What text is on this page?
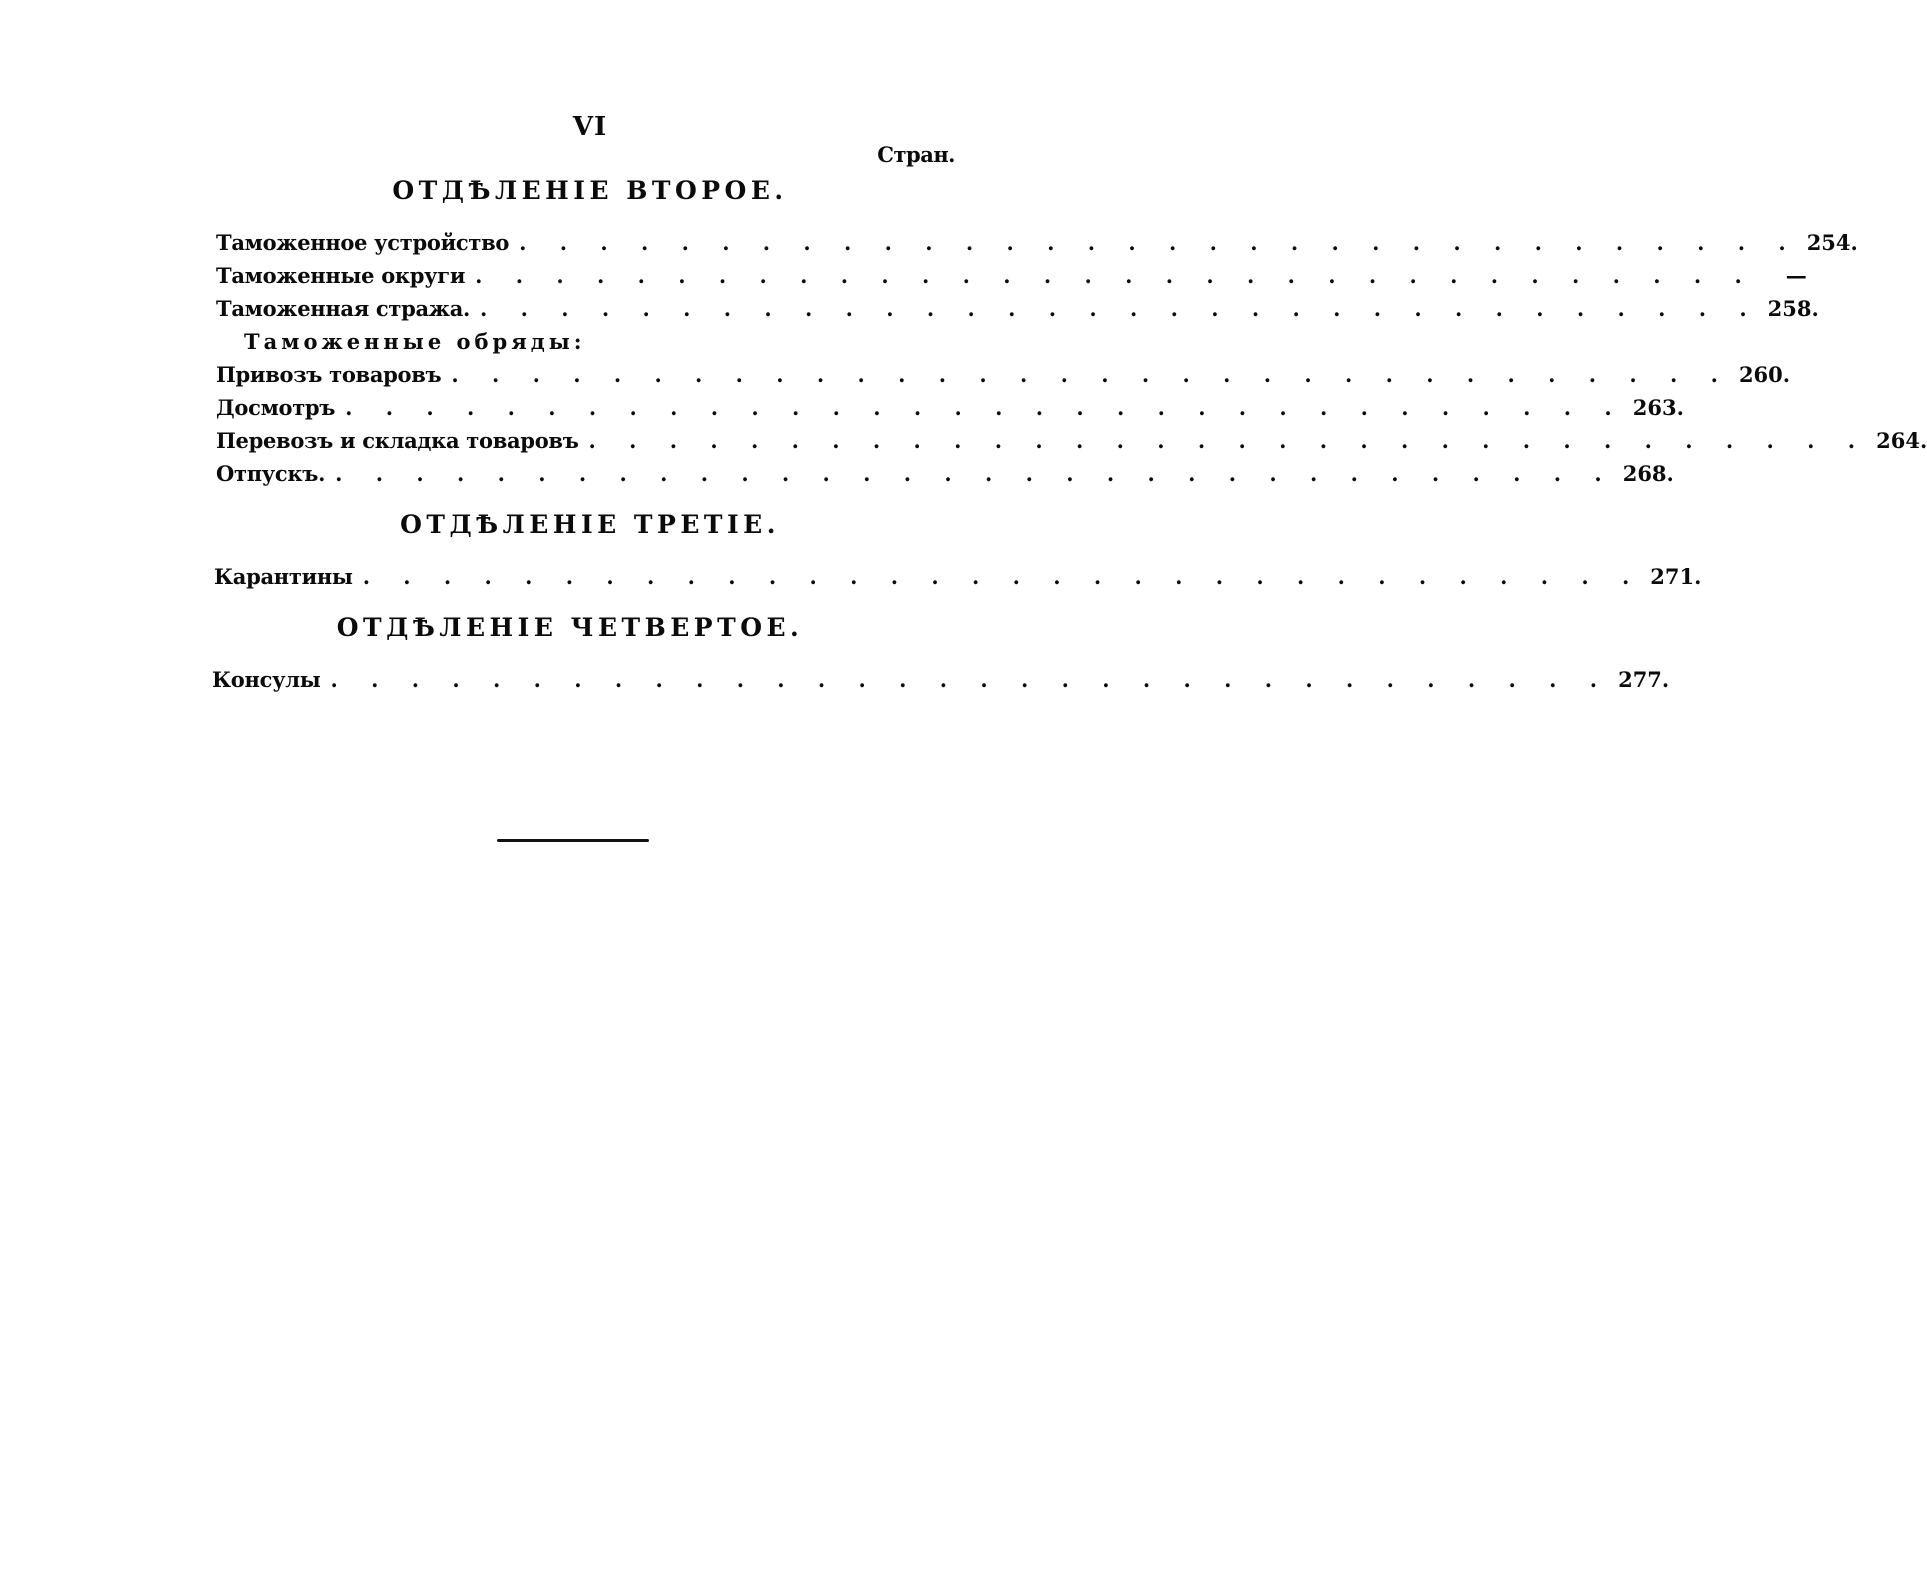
VI
Стран.
ОТДѢЛЕНІЕ ВТОРОЕ.
Таможенное устройство . . . . . . . . . . . . . . . . . . . . . . . . . . . . . . . . 254.
Таможенные округи . . . . . . . . . . . . . . . . . . . . . . . . . . . . . . . .	—
Таможенная стража. . . . . . . . . . . . . . . . . . . . . . . . . . . . . . . . . 258.
Таможенные обряды:
Привозъ товаровъ . . . . . . . . . . . . . . . . . . . . . . . . . . . . . . . . 260.
Досмотръ . . . . . . . . . . . . . . . . . . . . . . . . . . . . . . . . 263.
Перевозъ и складка товаровъ . . . . . . . . . . . . . . . . . . . . . . . . . . . . . . . . 264.
Отпускъ. . . . . . . . . . . . . . . . . . . . . . . . . . . . . . . . . 268.
ОТДѢЛЕНІЕ ТРЕТІЕ.
Карантины . . . . . . . . . . . . . . . . . . . . . . . . . . . . . . . . 271.
ОТДѢЛЕНІЕ ЧЕТВЕРТОЕ.
Консулы . . . . . . . . . . . . . . . . . . . . . . . . . . . . . . . . 277.
